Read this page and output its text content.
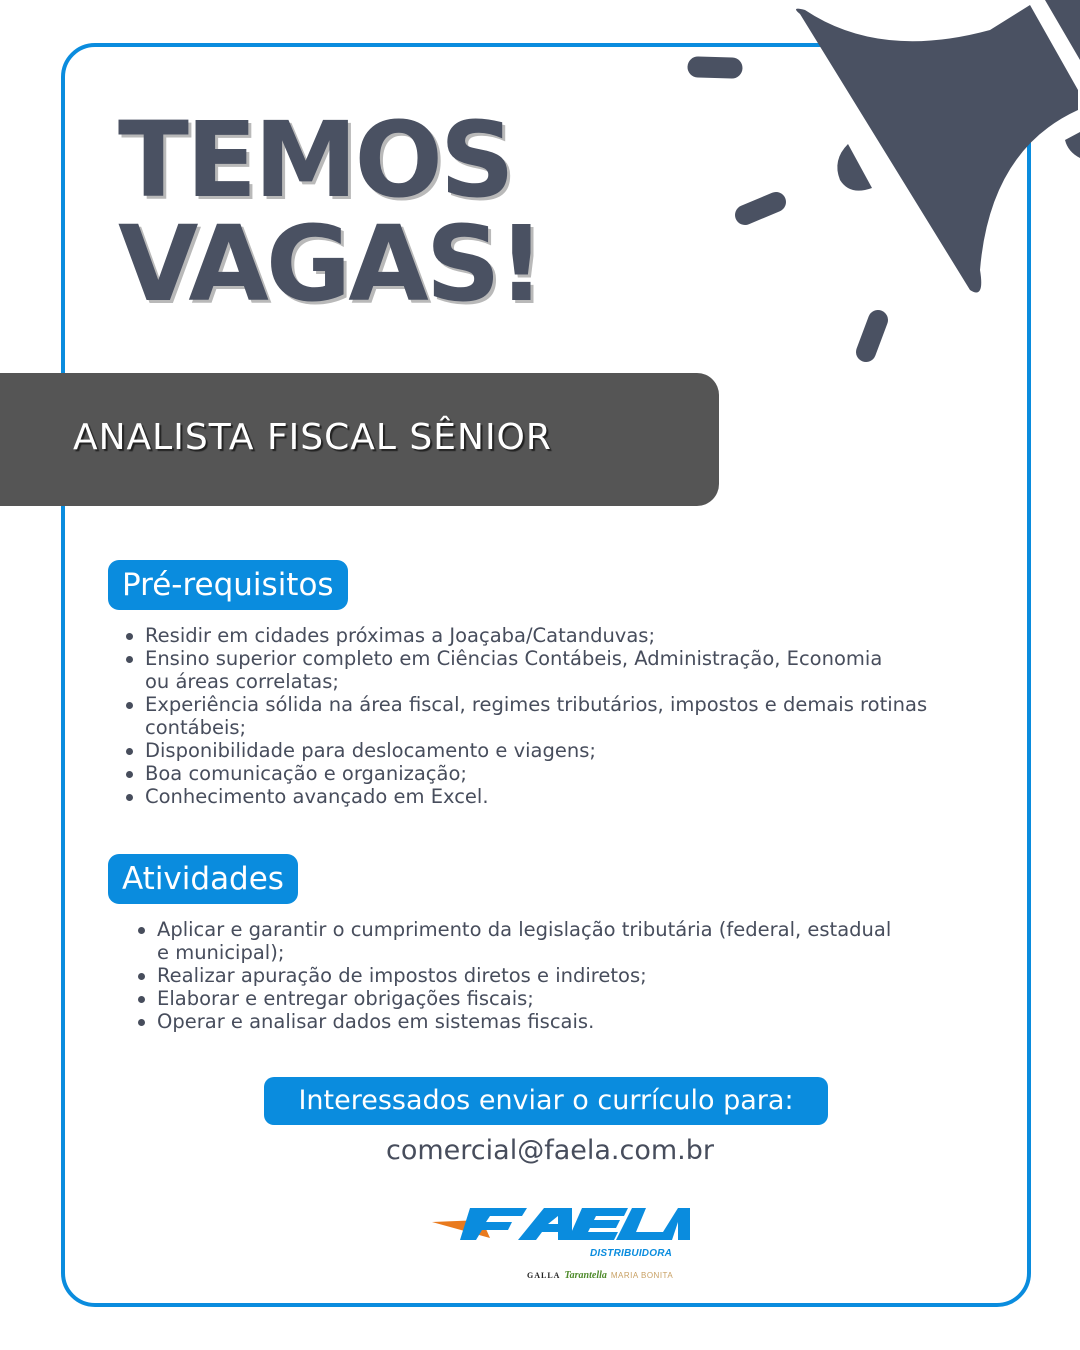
TEMOS
VAGAS!
ANALISTA FISCAL SÊNIOR
Pré-requisitos
Residir em cidades próximas a Joaçaba/Catanduvas;
Ensino superior completo em Ciências Contábeis, Administração, Economia ou áreas correlatas;
Experiência sólida na área fiscal, regimes tributários, impostos e demais rotinas contábeis;
Disponibilidade para deslocamento e viagens;
Boa comunicação e organização;
Conhecimento avançado em Excel.
Atividades
Aplicar e garantir o cumprimento da legislação tributária (federal, estadual e municipal);
Realizar apuração de impostos diretos e indiretos;
Elaborar e entregar obrigações fiscais;
Operar e analisar dados em sistemas fiscais.
Interessados enviar o currículo para:
comercial@faela.com.br
DISTRIBUIDORA
GALLA Tarantella MARIA BONITA
